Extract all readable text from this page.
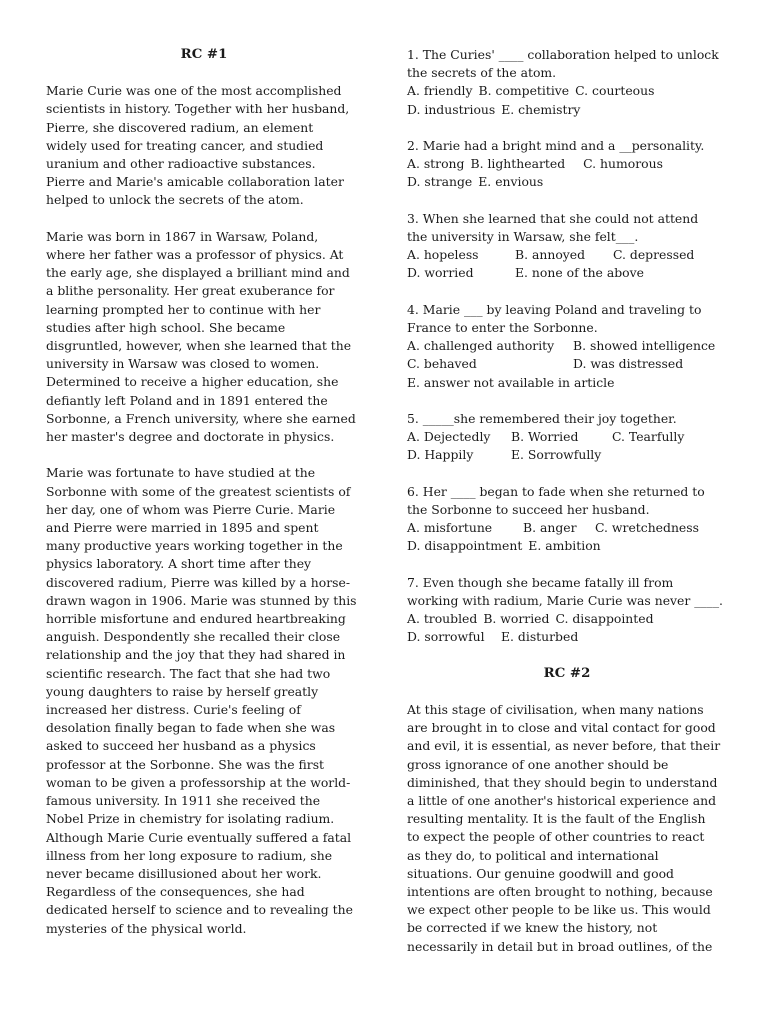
RC #1
Marie Curie was one of the most accomplished
scientists in history. Together with her husband,
Pierre, she discovered radium, an element
widely used for treating cancer, and studied
uranium and other radioactive substances.
Pierre and Marie's amicable collaboration later
helped to unlock the secrets of the atom.
Marie was born in 1867 in Warsaw, Poland,
where her father was a professor of physics. At
the early age, she displayed a brilliant mind and
a blithe personality. Her great exuberance for
learning prompted her to continue with her
studies after high school. She became
disgruntled, however, when she learned that the
university in Warsaw was closed to women.
Determined to receive a higher education, she
defiantly left Poland and in 1891 entered the
Sorbonne, a French university, where she earned
her master's degree and doctorate in physics.
Marie was fortunate to have studied at the
Sorbonne with some of the greatest scientists of
her day, one of whom was Pierre Curie. Marie
and Pierre were married in 1895 and spent
many productive years working together in the
physics laboratory. A short time after they
discovered radium, Pierre was killed by a horse-
drawn wagon in 1906. Marie was stunned by this
horrible misfortune and endured heartbreaking
anguish. Despondently she recalled their close
relationship and the joy that they had shared in
scientific research. The fact that she had two
young daughters to raise by herself greatly
increased her distress. Curie's feeling of
desolation finally began to fade when she was
asked to succeed her husband as a physics
professor at the Sorbonne. She was the first
woman to be given a professorship at the world-
famous university. In 1911 she received the
Nobel Prize in chemistry for isolating radium.
Although Marie Curie eventually suffered a fatal
illness from her long exposure to radium, she
never became disillusioned about her work.
Regardless of the consequences, she had
dedicated herself to science and to revealing the
mysteries of the physical world.
1. The Curies' ____ collaboration helped to unlock
the secrets of the atom.
A. friendly B. competitive C. courteous
D. industrious E. chemistry
2. Marie had a bright mind and a __personality.
A. strong B. lighthearted C. humorous
D. strange E. envious
3. When she learned that she could not attend
the university in Warsaw, she felt___.
A. hopeless	B. annoyed C. depressed
D. worried	E. none of the above
4. Marie ___ by leaving Poland and traveling to
France to enter the Sorbonne.
A. challenged authority B. showed intelligence
C. behaved	D. was distressed
E. answer not available in article
5. _____she remembered their joy together.
A. Dejectedly B. Worried	C. Tearfully
D. Happily	E. Sorrowfully
6. Her ____ began to fade when she returned to
the Sorbonne to succeed her husband.
A. misfortune B. anger C. wretchedness
D. disappointment E. ambition
7. Even though she became fatally ill from
working with radium, Marie Curie was never ____.
A. troubled B. worried C. disappointed
D. sorrowful E. disturbed
RC #2
At this stage of civilisation, when many nations
are brought in to close and vital contact for good
and evil, it is essential, as never before, that their
gross ignorance of one another should be
diminished, that they should begin to understand
a little of one another's historical experience and
resulting mentality. It is the fault of the English
to expect the people of other countries to react
as they do, to political and international
situations. Our genuine goodwill and good
intentions are often brought to nothing, because
we expect other people to be like us. This would
be corrected if we knew the history, not
necessarily in detail but in broad outlines, of the
